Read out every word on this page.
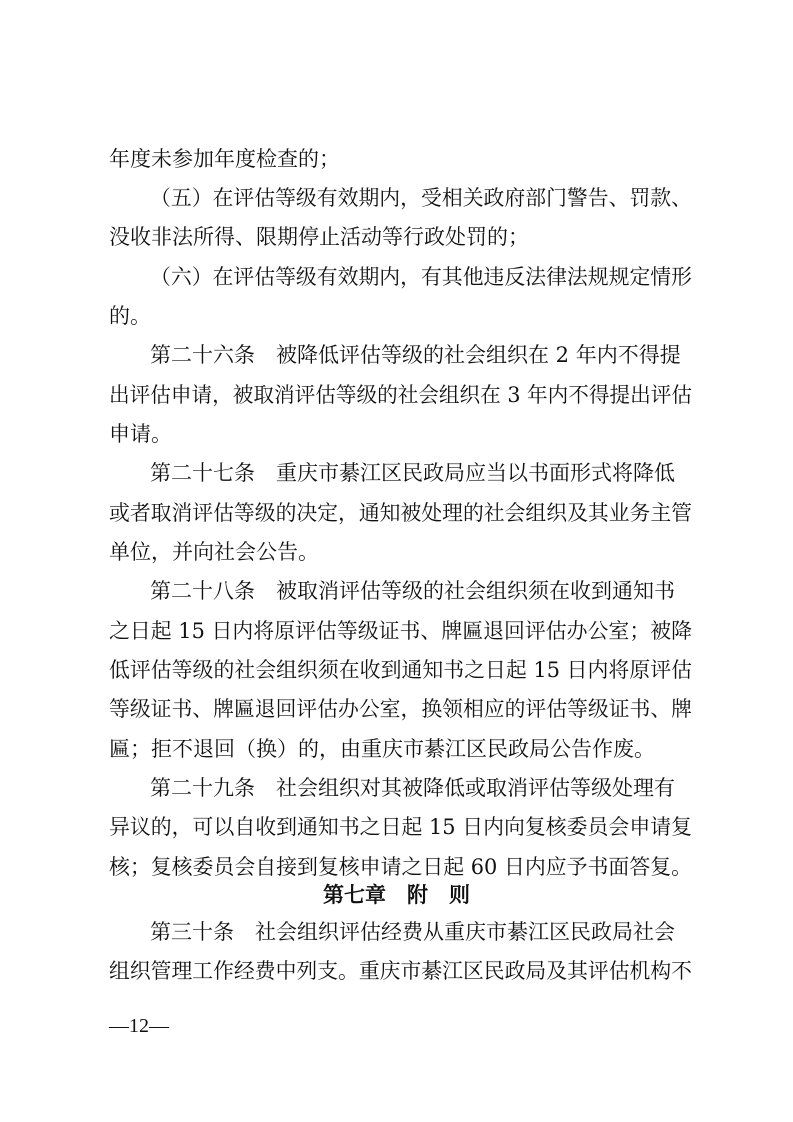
年度未参加年度检查的；
（五）在评估等级有效期内，受相关政府部门警告、罚款、
没收非法所得、限期停止活动等行政处罚的；
（六）在评估等级有效期内，有其他违反法律法规规定情形
的。
第二十六条　被降低评估等级的社会组织在 2 年内不得提
出评估申请，被取消评估等级的社会组织在 3 年内不得提出评估
申请。
第二十七条　重庆市綦江区民政局应当以书面形式将降低
或者取消评估等级的决定，通知被处理的社会组织及其业务主管
单位，并向社会公告。
第二十八条　被取消评估等级的社会组织须在收到通知书
之日起 15 日内将原评估等级证书、牌匾退回评估办公室；被降
低评估等级的社会组织须在收到通知书之日起 15 日内将原评估
等级证书、牌匾退回评估办公室，换领相应的评估等级证书、牌
匾；拒不退回（换）的，由重庆市綦江区民政局公告作废。
第二十九条　社会组织对其被降低或取消评估等级处理有
异议的，可以自收到通知书之日起 15 日内向复核委员会申请复
核；复核委员会自接到复核申请之日起 60 日内应予书面答复。
第七章　附　则
第三十条　社会组织评估经费从重庆市綦江区民政局社会
组织管理工作经费中列支。重庆市綦江区民政局及其评估机构不
—12—
